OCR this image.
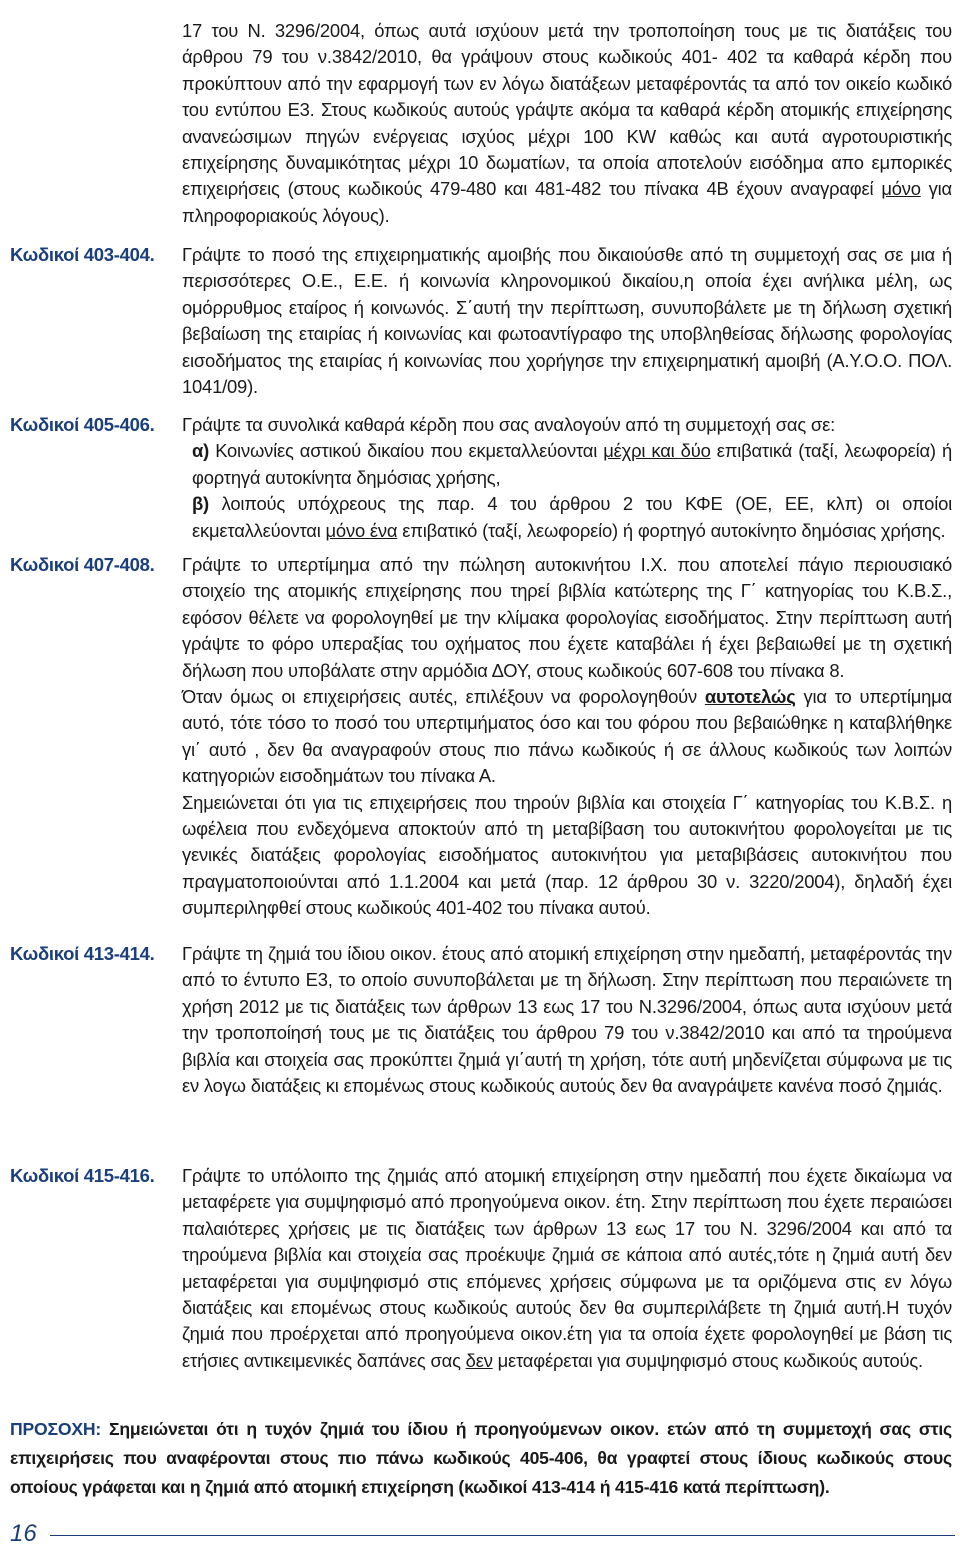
17 του Ν. 3296/2004, όπως αυτά ισχύουν μετά την τροποποίηση τους με τις διατάξεις του άρθρου 79 του ν.3842/2010, θα γράψουν στους κωδικούς 401- 402 τα καθαρά κέρδη που προκύπτουν από την εφαρμογή των εν λόγω διατάξεων μεταφέροντάς τα από τον οικείο κωδικό του εντύπου Ε3. Στους κωδικούς αυτούς γράψτε ακόμα τα καθαρά κέρδη ατομικής επιχείρησης ανανεώσιμων πηγών ενέργειας ισχύος μέχρι 100 KW καθώς και αυτά αγροτουριστικής επιχείρησης δυναμικότητας μέχρι 10 δωματίων, τα οποία αποτελούν εισόδημα απο εμπορικές επιχειρήσεις (στους κωδικούς 479-480 και 481-482 του πίνακα 4Β έχουν αναγραφεί μόνο για πληροφοριακούς λόγους).

Κωδικοί 403-404.	Γράψτε το ποσό της επιχειρηματικής αμοιβής που δικαιούσθε από τη συμμετοχή σας σε μια ή περισσότερες Ο.Ε., Ε.Ε. ή κοινωνία κληρονομικού δικαίου,η οποία έχει ανήλικα μέλη, ως ομόρρυθμος εταίρος ή κοινωνός. Σ΄αυτή την περίπτωση, συνυποβάλετε με τη δήλωση σχετική βεβαίωση της εταιρίας ή κοινωνίας και φωτοαντίγραφο της υποβληθείσας δήλωσης φορολογίας εισοδήματος της εταιρίας ή κοινωνίας που χορήγησε την επιχειρηματική αμοιβή (Α.Υ.Ο.Ο. ΠΟΛ. 1041/09).

Κωδικοί 405-406.	Γράψτε τα συνολικά καθαρά κέρδη που σας αναλογούν από τη συμμετοχή σας σε:

α) Κοινωνίες αστικού δικαίου που εκμεταλλεύονται μέχρι και δύο επιβατικά (ταξί, λεωφορεία) ή φορτηγά αυτοκίνητα δημόσιας χρήσης,

β) λοιπούς υπόχρεους της παρ. 4 του άρθρου 2 του ΚΦΕ (ΟΕ, ΕΕ, κλπ) οι οποίοι εκμεταλλεύονται μόνο ένα επιβατικό (ταξί, λεωφορείο) ή φορτηγό αυτοκίνητο δημόσιας χρήσης.

Κωδικοί 407-408.	Γράψτε το υπερτίμημα από την πώληση αυτοκινήτου Ι.Χ. που αποτελεί πάγιο περιουσιακό στοιχείο της ατομικής επιχείρησης που τηρεί βιβλία κατώτερης της Γ΄ κατηγορίας του Κ.Β.Σ., εφόσον θέλετε να φορολογηθεί με την κλίμακα φορολογίας εισοδήματος. Στην περίπτωση αυτή γράψτε το φόρο υπεραξίας του οχήματος που έχετε καταβάλει ή έχει βεβαιωθεί με τη σχετική δήλωση που υποβάλατε στην αρμόδια ΔΟΥ, στους κωδικούς 607-608 του πίνακα 8.

Όταν όμως οι επιχειρήσεις αυτές, επιλέξουν να φορολογηθούν αυτοτελώς για το υπερτίμημα αυτό, τότε τόσο το ποσό του υπερτιμήματος όσο και του φόρου που βεβαιώθηκε η καταβλήθηκε γι΄ αυτό , δεν θα αναγραφούν στους πιο πάνω κωδικούς ή σε άλλους κωδικούς των λοιπών κατηγοριών εισοδημάτων του πίνακα Α.

Σημειώνεται ότι για τις επιχειρήσεις που τηρούν βιβλία και στοιχεία Γ΄ κατηγορίας του Κ.Β.Σ. η ωφέλεια που ενδεχόμενα αποκτούν από τη μεταβίβαση του αυτοκινήτου φορολογείται με τις γενικές διατάξεις φορολογίας εισοδήματος αυτοκινήτου για μεταβιβάσεις αυτοκινήτου που πραγματοποιούνται από 1.1.2004 και μετά (παρ. 12 άρθρου 30 ν. 3220/2004), δηλαδή έχει συμπεριληφθεί στους κωδικούς 401-402 του πίνακα αυτού.

Κωδικοί 413-414.	Γράψτε τη ζημιά του ίδιου οικον. έτους από ατομική επιχείρηση στην ημεδαπή, μεταφέροντάς την από το έντυπο Ε3, το οποίο συνυποβάλεται με τη δήλωση. Στην περίπτωση που περαιώνετε τη χρήση 2012 με τις διατάξεις των άρθρων 13 εως 17 του Ν.3296/2004, όπως αυτα ισχύουν μετά την τροποποίησή τους με τις διατάξεις του άρθρου 79 του ν.3842/2010 και από τα τηρούμενα βιβλία και στοιχεία σας προκύπτει ζημιά γι΄αυτή τη χρήση, τότε αυτή μηδενίζεται σύμφωνα με τις εν λογω διατάξεις κι επομένως στους κωδικούς αυτούς δεν θα αναγράψετε κανένα ποσό ζημιάς.

Κωδικοί 415-416.	Γράψτε το υπόλοιπο της ζημιάς από ατομική επιχείρηση στην ημεδαπή που έχετε δικαίωμα να μεταφέρετε για συμψηφισμό από προηγούμενα οικον. έτη. Στην περίπτωση που έχετε περαιώσει παλαιότερες χρήσεις με τις διατάξεις των άρθρων 13 εως 17 του Ν. 3296/2004 και από τα τηρούμενα βιβλία και στοιχεία σας προέκυψε ζημιά σε κάποια από αυτές,τότε η ζημιά αυτή δεν μεταφέρεται για συμψηφισμό στις επόμενες χρήσεις σύμφωνα με τα οριζόμενα στις εν λόγω διατάξεις και επομένως στους κωδικούς αυτούς δεν θα συμπεριλάβετε τη ζημιά αυτή.Η τυχόν ζημιά που προέρχεται από προηγούμενα οικον.έτη για τα οποία έχετε φορολογηθεί με βάση τις ετήσιες αντικειμενικές δαπάνες σας δεν μεταφέρεται για συμψηφισμό στους κωδικούς αυτούς.

ΠΡΟΣΟΧΗ: Σημειώνεται ότι η τυχόν ζημιά του ίδιου ή προηγούμενων οικον. ετών από τη συμμετοχή σας στις επιχειρήσεις που αναφέρονται στους πιο πάνω κωδικούς 405-406, θα γραφτεί στους ίδιους κωδικούς στους οποίους γράφεται και η ζημιά από ατομική επιχείρηση (κωδικοί 413-414 ή 415-416 κατά περίπτωση).
16
